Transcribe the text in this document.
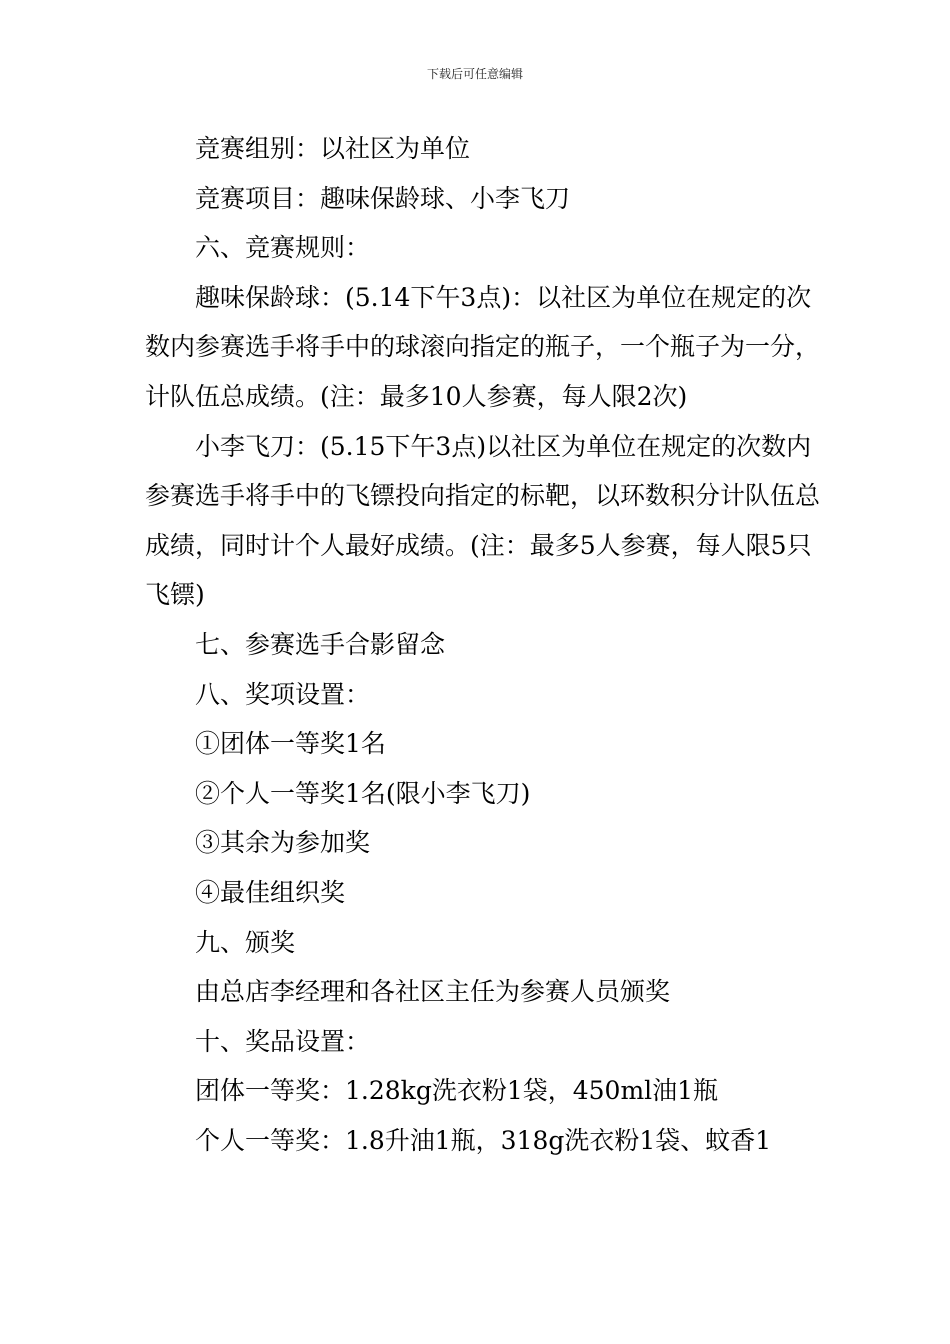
下载后可任意编辑

竞赛组别：以社区为单位

竞赛项目：趣味保龄球、小李飞刀

六、竞赛规则：

趣味保龄球：(5.14下午3点)：以社区为单位在规定的次数内参赛选手将手中的球滚向指定的瓶子，一个瓶子为一分，计队伍总成绩。(注：最多10人参赛，每人限2次)

小李飞刀：(5.15下午3点)以社区为单位在规定的次数内参赛选手将手中的飞镖投向指定的标靶，以环数积分计队伍总成绩，同时计个人最好成绩。(注：最多5人参赛，每人限5只飞镖)

七、参赛选手合影留念

八、奖项设置：

①团体一等奖1名

②个人一等奖1名(限小李飞刀)

③其余为参加奖

④最佳组织奖

九、颁奖

由总店李经理和各社区主任为参赛人员颁奖

十、奖品设置：

团体一等奖：1.28kg洗衣粉1袋，450ml油1瓶

个人一等奖：1.8升油1瓶，318g洗衣粉1袋、蚊香1
